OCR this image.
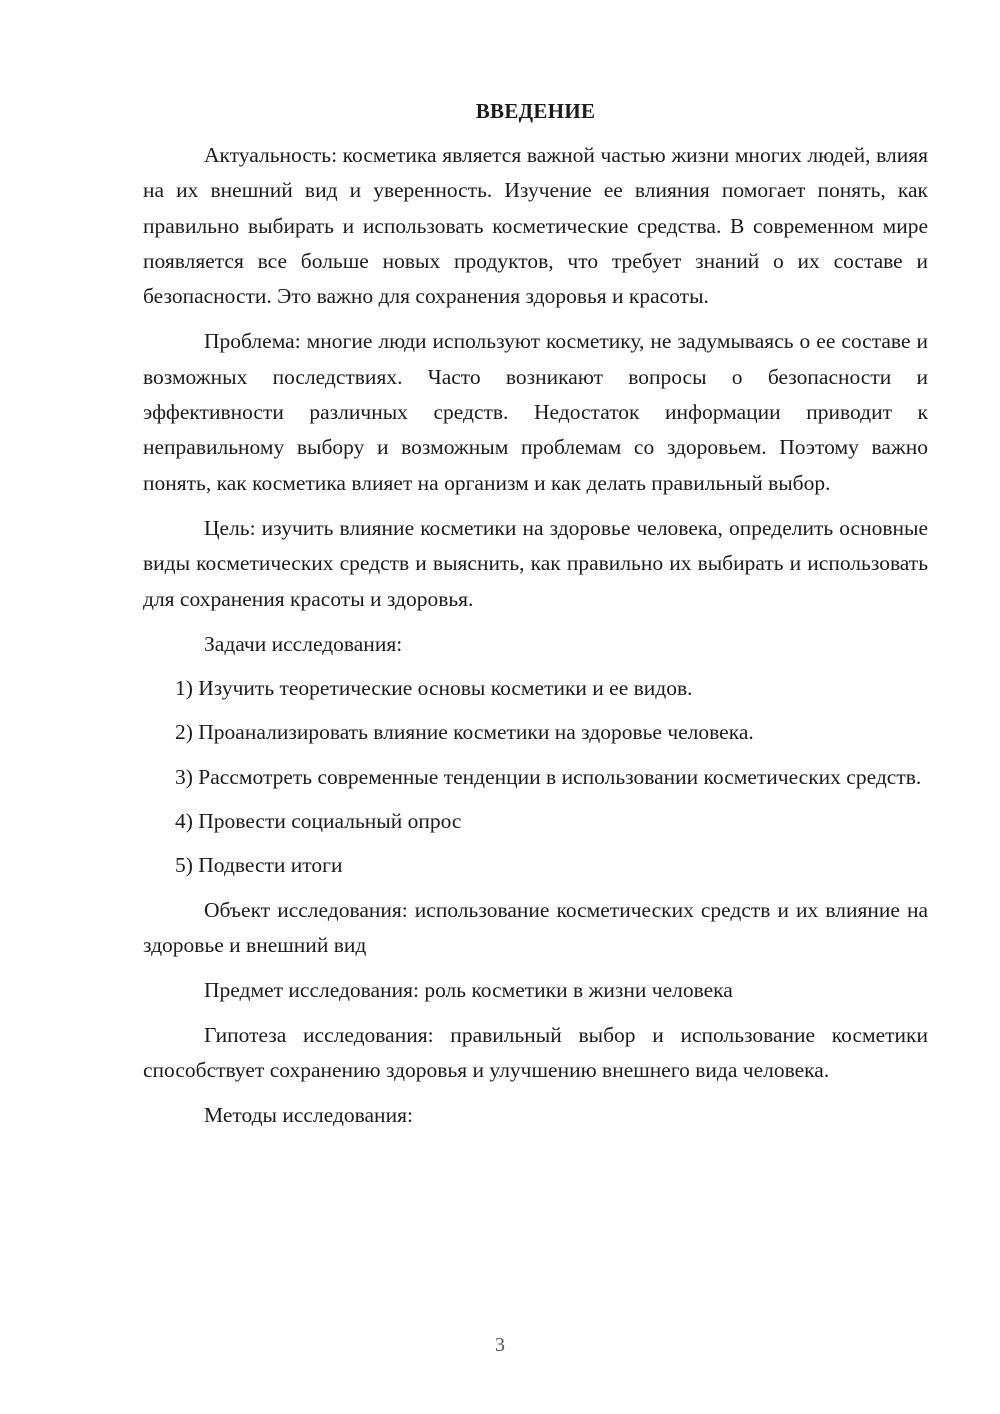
ВВЕДЕНИЕ

Актуальность: косметика является важной частью жизни многих людей, влияя на их внешний вид и уверенность. Изучение ее влияния помогает понять, как правильно выбирать и использовать косметические средства. В современном мире появляется все больше новых продуктов, что требует знаний о их составе и безопасности. Это важно для сохранения здоровья и красоты.

Проблема: многие люди используют косметику, не задумываясь о ее составе и возможных последствиях. Часто возникают вопросы о безопасности и эффективности различных средств. Недостаток информации приводит к неправильному выбору и возможным проблемам со здоровьем. Поэтому важно понять, как косметика влияет на организм и как делать правильный выбор.

Цель: изучить влияние косметики на здоровье человека, определить основные виды косметических средств и выяснить, как правильно их выбирать и использовать для сохранения красоты и здоровья.

Задачи исследования:

1) Изучить теоретические основы косметики и ее видов.

2) Проанализировать влияние косметики на здоровье человека.

3) Рассмотреть современные тенденции в использовании косметических средств.

4) Провести социальный опрос

5) Подвести итоги

Объект исследования: использование косметических средств и их влияние на здоровье и внешний вид

Предмет исследования: роль косметики в жизни человека

Гипотеза исследования: правильный выбор и использование косметики способствует сохранению здоровья и улучшению внешнего вида человека.

Методы исследования:

3
